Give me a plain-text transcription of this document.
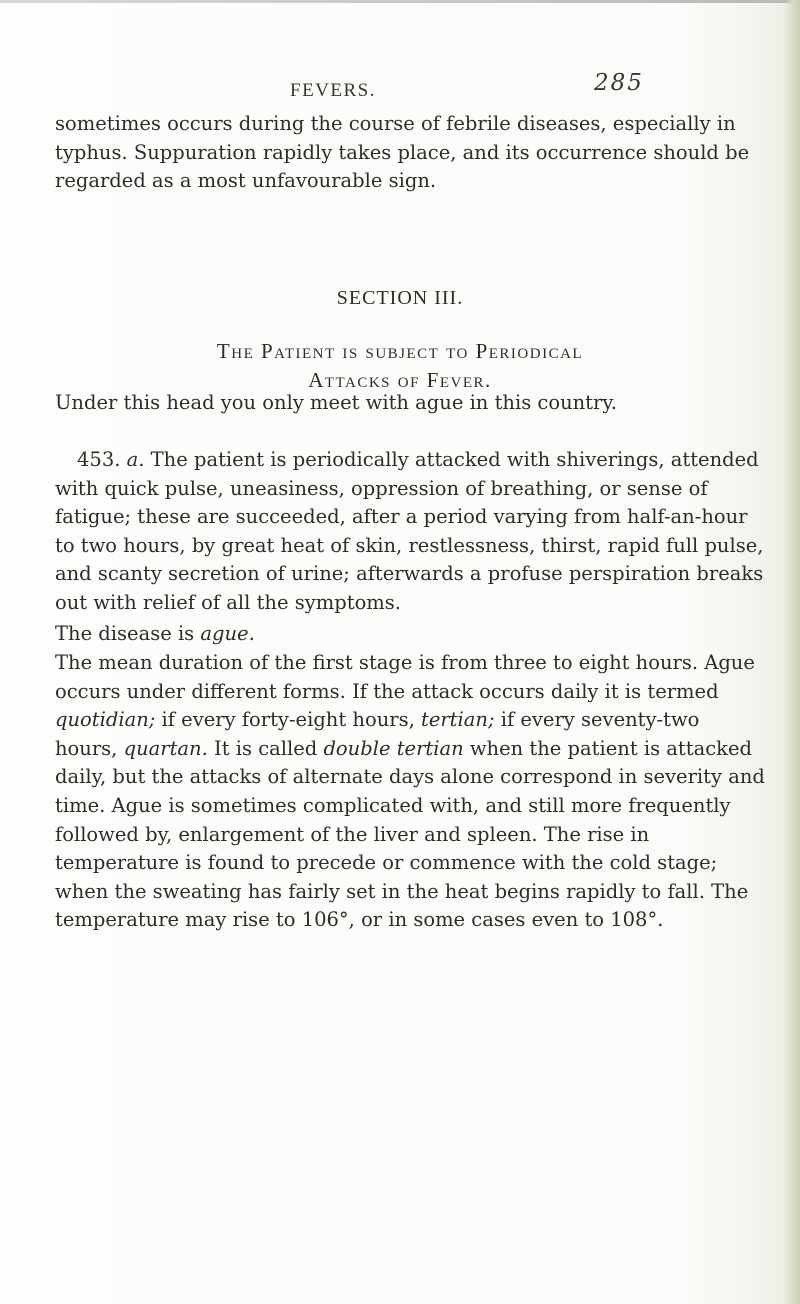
FEVERS.	285

sometimes occurs during the course of febrile diseases, especially in typhus. Suppuration rapidly takes place, and its occurrence should be regarded as a most unfavourable sign.

SECTION III.
The Patient is subject to Periodical
Attacks of Fever.

Under this head you only meet with ague in this country.

453. a. The patient is periodically attacked with shiverings, attended with quick pulse, uneasiness, oppression of breathing, or sense of fatigue; these are succeeded, after a period varying from half-an-hour to two hours, by great heat of skin, restlessness, thirst, rapid full pulse, and scanty secretion of urine; afterwards a profuse perspiration breaks out with relief of all the symptoms.

The disease is ague.

The mean duration of the first stage is from three to eight hours. Ague occurs under different forms. If the attack occurs daily it is termed quotidian; if every forty-eight hours, tertian; if every seventy-two hours, quartan. It is called double tertian when the patient is attacked daily, but the attacks of alternate days alone correspond in severity and time. Ague is sometimes complicated with, and still more frequently followed by, enlargement of the liver and spleen. The rise in temperature is found to precede or commence with the cold stage; when the sweating has fairly set in the heat begins rapidly to fall. The temperature may rise to 106°, or in some cases even to 108°.
